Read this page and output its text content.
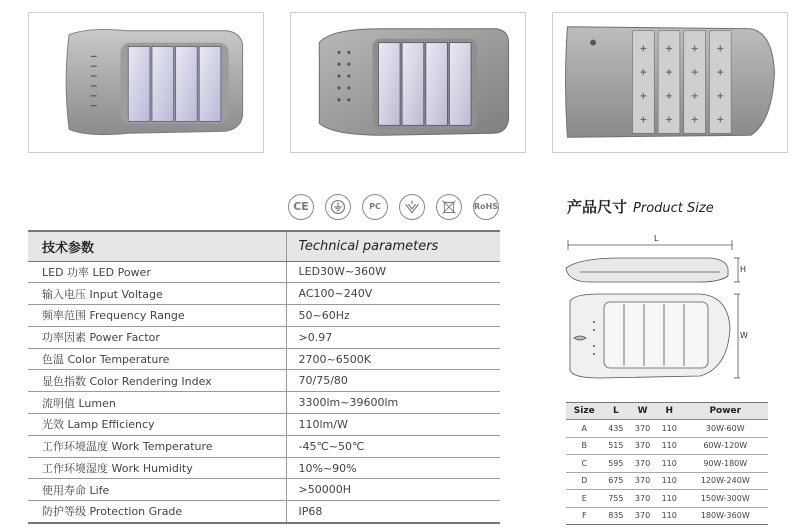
CE	PC	RoHS
技术参数	Technical parameters
LED 功率 LED Power	LED30W~360W
输入电压 Input Voltage	AC100~240V
频率范围 Frequency Range	50~60Hz
功率因素 Power Factor	>0.97
色温 Color Temperature	2700~6500K
显色指数 Color Rendering Index	70/75/80
流明值 Lumen	3300lm~39600lm
光效 Lamp Efficiency	110lm/W
工作环境温度 Work Temperature	-45℃~50℃
工作环境湿度 Work Humidity	10%~90%
使用寿命 Life	>50000H
防护等级 Protection Grade	IP68
产品尺寸 Product Size
L
H
W
Size	L	W	H	Power
A	435	370	110	30W-60W
B	515	370	110	60W-120W
C	595	370	110	90W-180W
D	675	370	110	120W-240W
E	755	370	110	150W-300W
F	835	370	110	180W-360W
